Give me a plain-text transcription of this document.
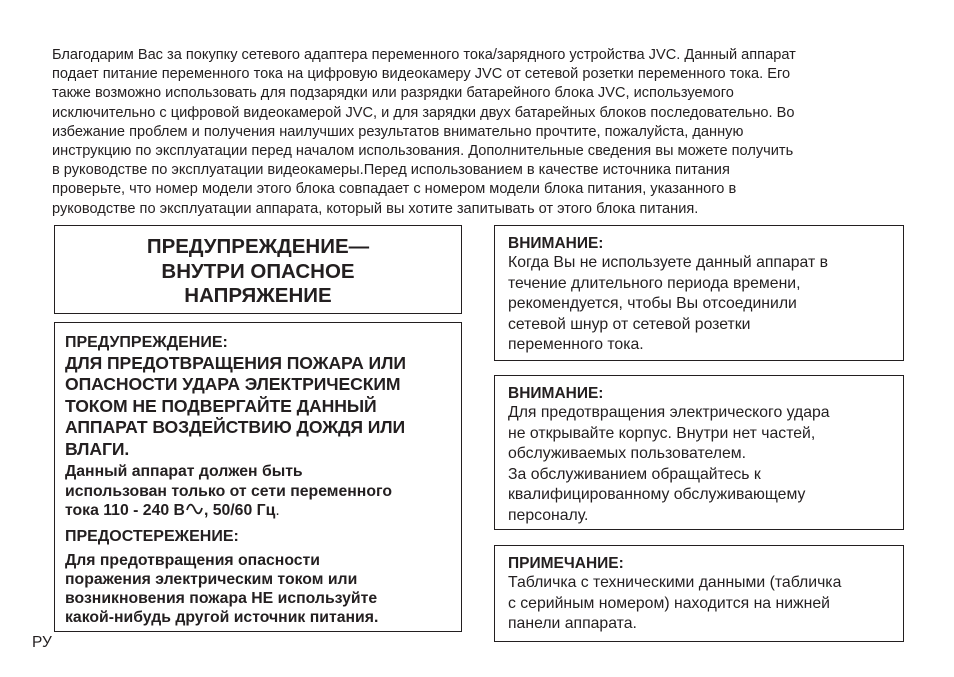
Благодарим Вас за покупку сетевого адаптера переменного тока/зарядного устройства JVC. Данный аппарат
подает питание переменного тока на цифровую видеокамеру JVC от сетевой розетки переменного тока. Его
также возможно использовать для подзарядки или разрядки батарейного блока JVC, используемого
исключительно с цифровой видеокамерой JVC, и для зарядки двух батарейных блоков последовательно. Во
избежание проблем и получения наилучших результатов внимательно прочтите, пожалуйста, данную
инструкцию по эксплуатации перед началом использования. Дополнительные сведения вы можете получить
в руководстве по эксплуатации видеокамеры.Перед использованием в качестве источника питания
проверьте, что номер модели этого блока совпадает с номером модели блока питания, указанного в
руководстве по эксплуатации аппарата, который вы хотите запитывать от этого блока питания.
ПРЕДУПРЕЖДЕНИЕ—
ВНУТРИ ОПАСНОЕ
НАПРЯЖЕНИЕ
ПРЕДУПРЕЖДЕНИЕ:
ДЛЯ ПРЕДОТВРАЩЕНИЯ ПОЖАРА ИЛИ
ОПАСНОСТИ УДАРА ЭЛЕКТРИЧЕСКИМ
ТОКОМ НЕ ПОДВЕРГАЙТЕ ДАННЫЙ
АППАРАТ ВОЗДЕЙСТВИЮ ДОЖДЯ ИЛИ
ВЛАГИ.
Данный аппарат должен быть
использован только от сети переменного
тока 110 - 240 В , 50/60 Гц.
ПРЕДОСТЕРЕЖЕНИЕ:
Для предотвращения опасности
поражения электрическим током или
возникновения пожара НЕ используйте
какой-нибудь другой источник питания.
ВНИМАНИЕ:
Когда Вы не используете данный аппарат в
течение длительного периода времени,
рекомендуется, чтобы Вы отсоединили
сетевой шнур от сетевой розетки
переменного тока.
ВНИМАНИЕ:
Для предотвращения электрического удара
не открывайте корпус. Внутри нет частей,
обслуживаемых пользователем.
За обслуживанием обращайтесь к
квалифицированному обслуживающему
персоналу.
ПРИМЕЧАНИЕ:
Табличка с техническими данными (табличка
с серийным номером) находится на нижней
панели аппарата.
РУ
